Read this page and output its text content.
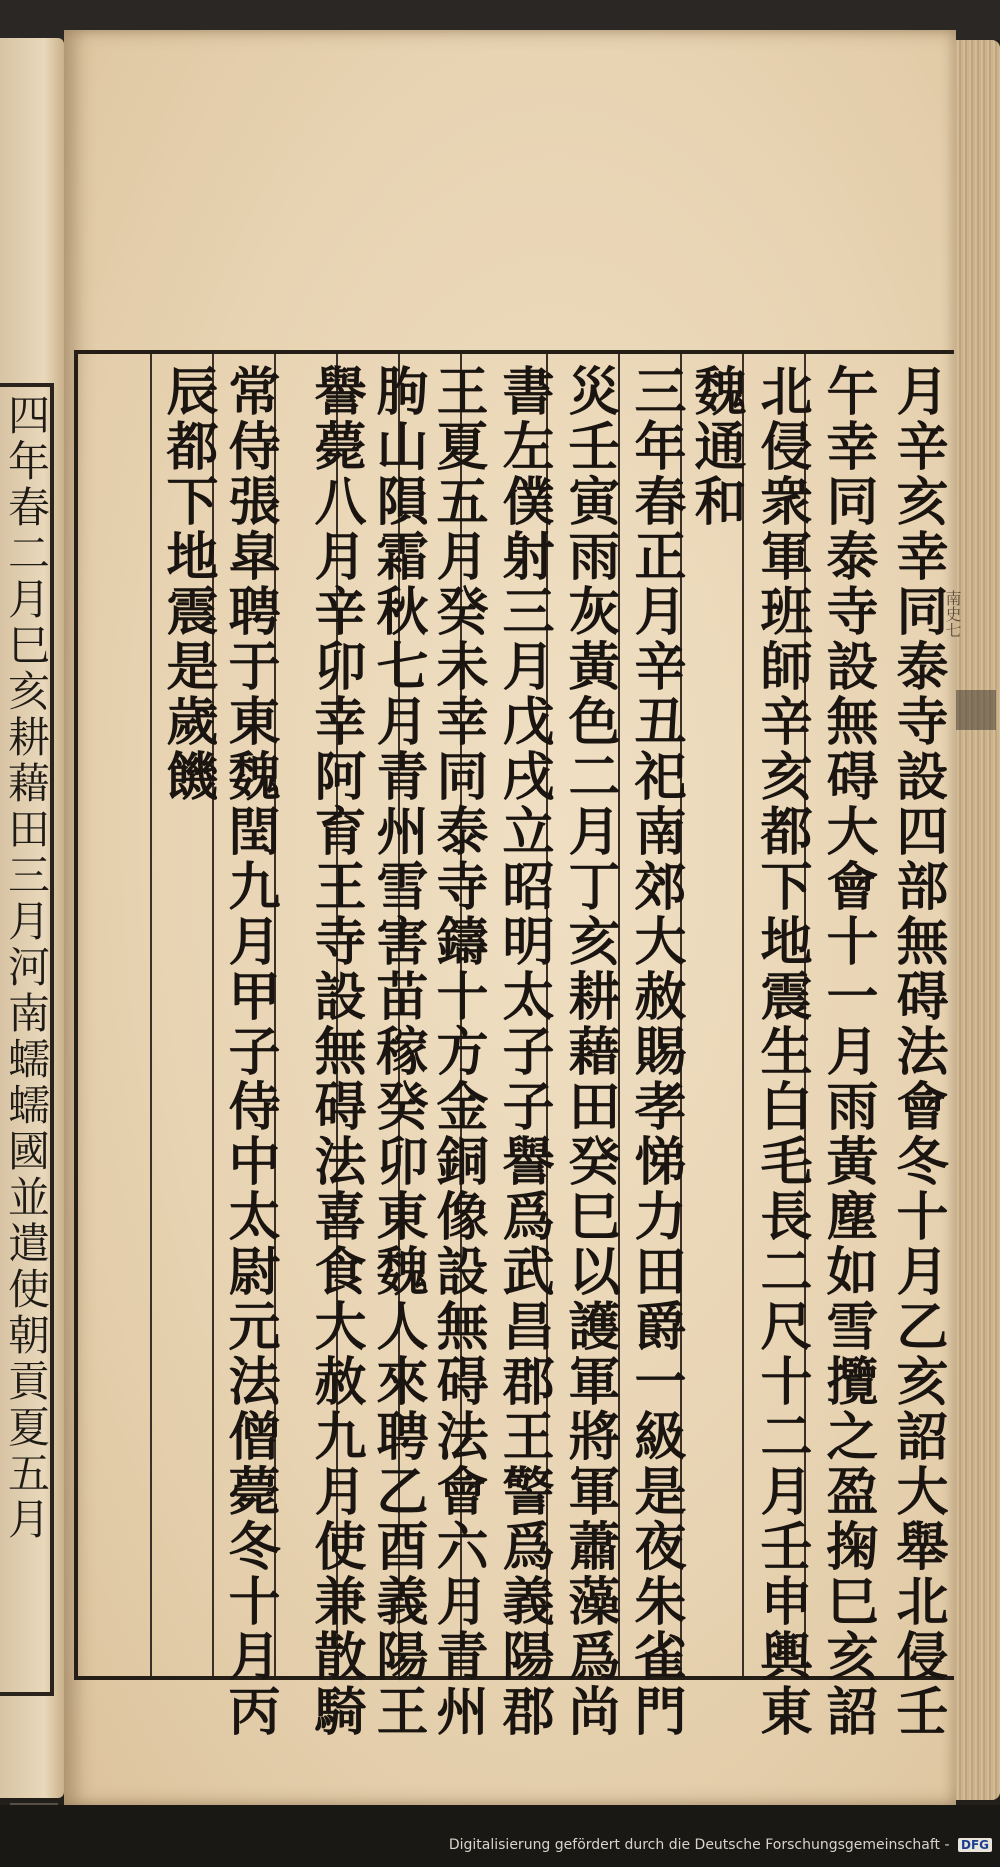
四年春二月巳亥耕藉田三月河南蠕蠕國並遣使朝貢夏五月	月辛亥幸同泰寺設四部無碍法會冬十月乙亥詔大舉北侵壬
午幸同泰寺設無碍大會十一月雨黃塵如雪攬之盈掬巳亥詔
北侵衆軍班師辛亥都下地震生白毛長二尺十二月壬申輿東
魏通和
三年春正月辛丑祀南郊大赦賜孝悌力田爵一級是夜朱雀門
災壬寅雨灰黃色二月丁亥耕藉田癸巳以護軍將軍蕭藻爲尚
書左僕射三月戊戌立昭明太子子譽爲武昌郡王警爲義陽郡
王夏五月癸未幸同泰寺鑄十方金銅像設無碍法會六月青州
朐山隕霜秋七月青州雪害苗稼癸卯東魏人來聘乙酉義陽王
譽薨八月辛卯幸阿育王寺設無碍法喜食大赦九月使兼散騎
常侍張皐聘于東魏閏九月甲子侍中太尉元法僧薨冬十月丙
辰都下地震是歲饑	南史七
Digitalisierung gefördert durch die Deutsche Forschungsgemeinschaft - DFG
